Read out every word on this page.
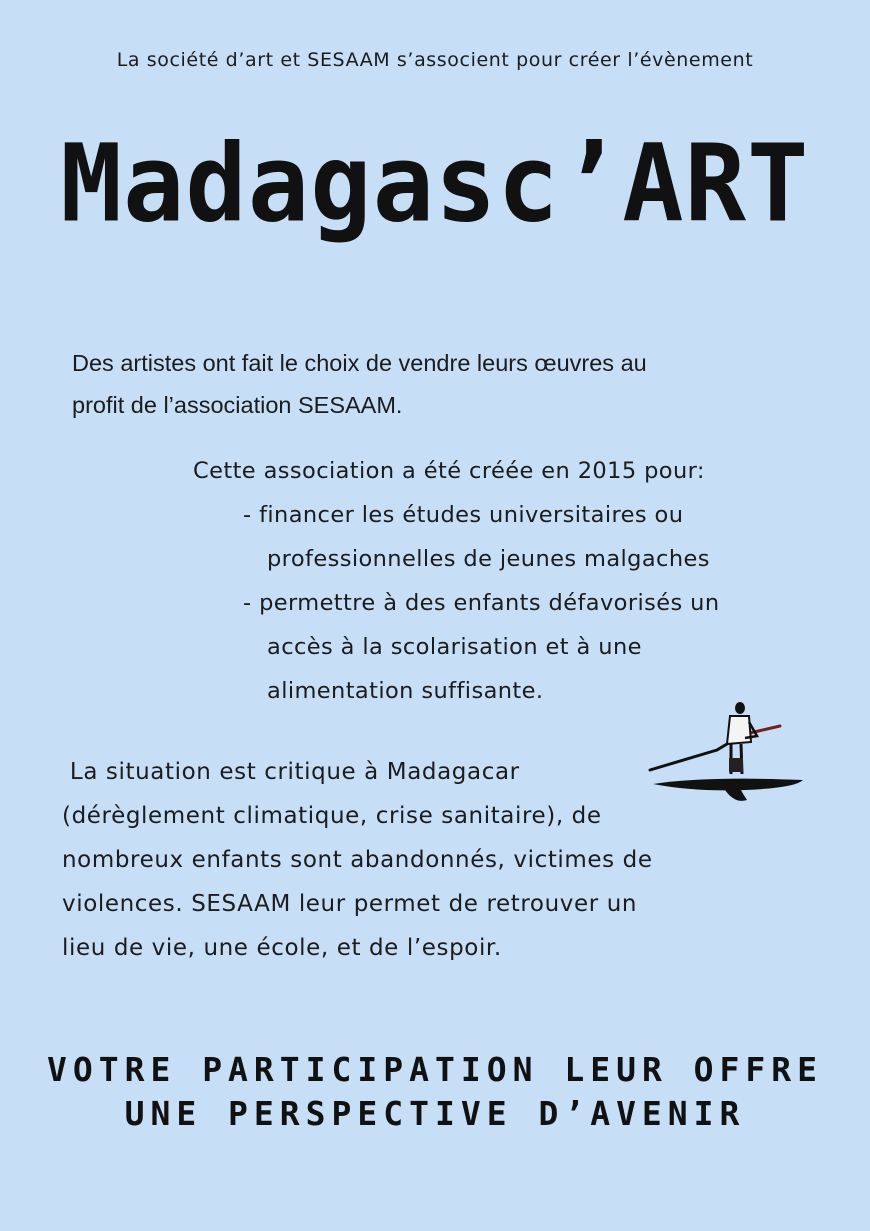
La société d’art et SESAAM s’associent pour créer l’évènement
Madagasc’ART
Des artistes ont fait le choix de vendre leurs œuvres au
profit de l’association SESAAM.
Cette association a été créée en 2015 pour:
- financer les études universitaires ou
professionnelles de jeunes malgaches
- permettre à des enfants défavorisés un
accès à la scolarisation et à une
alimentation suffisante.
La situation est critique à Madagacar
(dérèglement climatique, crise sanitaire), de
nombreux enfants sont abandonnés, victimes de
violences. SESAAM leur permet de retrouver un
lieu de vie, une école, et de l’espoir.
VOTRE PARTICIPATION LEUR OFFRE
UNE PERSPECTIVE D’AVENIR
